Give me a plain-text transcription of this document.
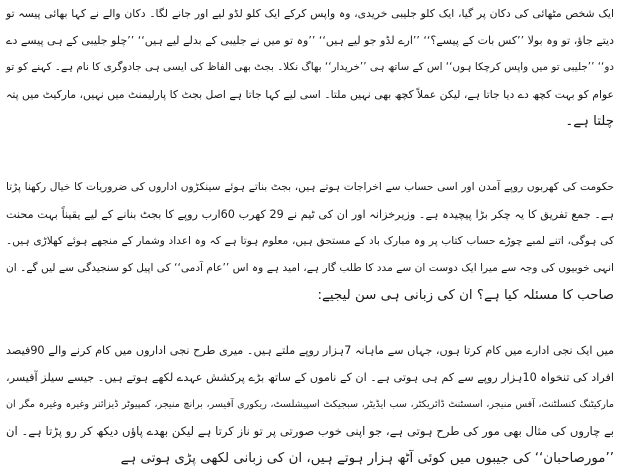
ایک شخص مٹھائی کی دکان پر گیا، ایک کلو جلیبی خریدی، وہ واپس کرکے ایک کلو لڈو لیے اور جانے لگا۔ دکان والے نے کہا بھائی پیسہ تو
دیتے جاؤ، تو وہ بولا ’’کس بات کے پیسے؟‘‘ ’’ارے لڈو جو لیے ہیں‘‘ ’’وہ تو میں نے جلیبی کے بدلے لیے ہیں‘‘ ’’چلو جلیبی کے ہی پیسے دے
دو‘‘ ’’جلیبی تو میں واپس کرچکا ہوں‘‘ اس کے ساتھ ہی ’’خریدار‘‘ بھاگ نکلا۔ بجٹ بھی الفاظ کی ایسی ہی جادوگری کا نام ہے۔ کہنے کو تو
عوام کو بہت کچھ دے دیا جاتا ہے، لیکن عملاً کچھ بھی نہیں ملتا۔ اسی لیے کہا جاتا ہے اصل بجٹ کا پارلیمنٹ میں نہیں، مارکیٹ میں پتہ
چلتا ہے۔
حکومت کی کھربوں روپے آمدن اور اسی حساب سے اخراجات ہوتے ہیں، بجٹ بناتے ہوئے سینکڑوں اداروں کی ضروریات کا خیال رکھنا پڑتا
ہے۔ جمع تفریق کا یہ چکر بڑا پیچیدہ ہے۔ وزیرخزانہ اور ان کی ٹیم نے 29 کھرب 60ارب روپے کا بجٹ بنانے کے لیے یقیناً بہت محنت
کی ہوگی، اتنے لمبے چوڑے حساب کتاب پر وہ مبارک باد کے مستحق ہیں، معلوم ہوتا ہے کہ وہ اعداد وشمار کے منجھے ہوئے کھلاڑی ہیں۔
انہی خوبیوں کی وجہ سے میرا ایک دوست ان سے مدد کا طلب گار ہے، امید ہے وہ اس ’’عام آدمی‘‘ کی اپیل کو سنجیدگی سے لیں گے۔ ان
صاحب کا مسئلہ کیا ہے؟ ان کی زبانی ہی سن لیجیے:
میں ایک نجی ادارے میں کام کرتا ہوں، جہاں سے ماہانہ 7ہزار روپے ملتے ہیں۔ میری طرح نجی اداروں میں کام کرنے والے 90فیصد
افراد کی تنخواہ 10ہزار روپے سے کم ہی ہوتی ہے۔ ان کے ناموں کے ساتھ بڑے پرکشش عہدے لکھے ہوتے ہیں۔ جیسے سیلز آفیسر،
مارکیٹنگ کنسلٹنٹ، آفس منیجر، اسسٹنٹ ڈائریکٹر، سب ایڈیٹر، سبجیکٹ اسپیشلسٹ، ریکوری آفیسر، برانچ منیجر، کمپیوٹر ڈیزائنر وغیرہ وغیرہ مگر ان
بے چاروں کی مثال بھی مور کی طرح ہوتی ہے، جو اپنی خوب صورتی پر تو ناز کرتا ہے لیکن بھدے پاؤں دیکھ کر رو پڑتا ہے۔ ان
’’مورصاحبان‘‘ کی جیبوں میں کوئی آٹھ ہزار ہوتے ہیں، ان کی زبانی لکھی پڑی ہوتی ہے
